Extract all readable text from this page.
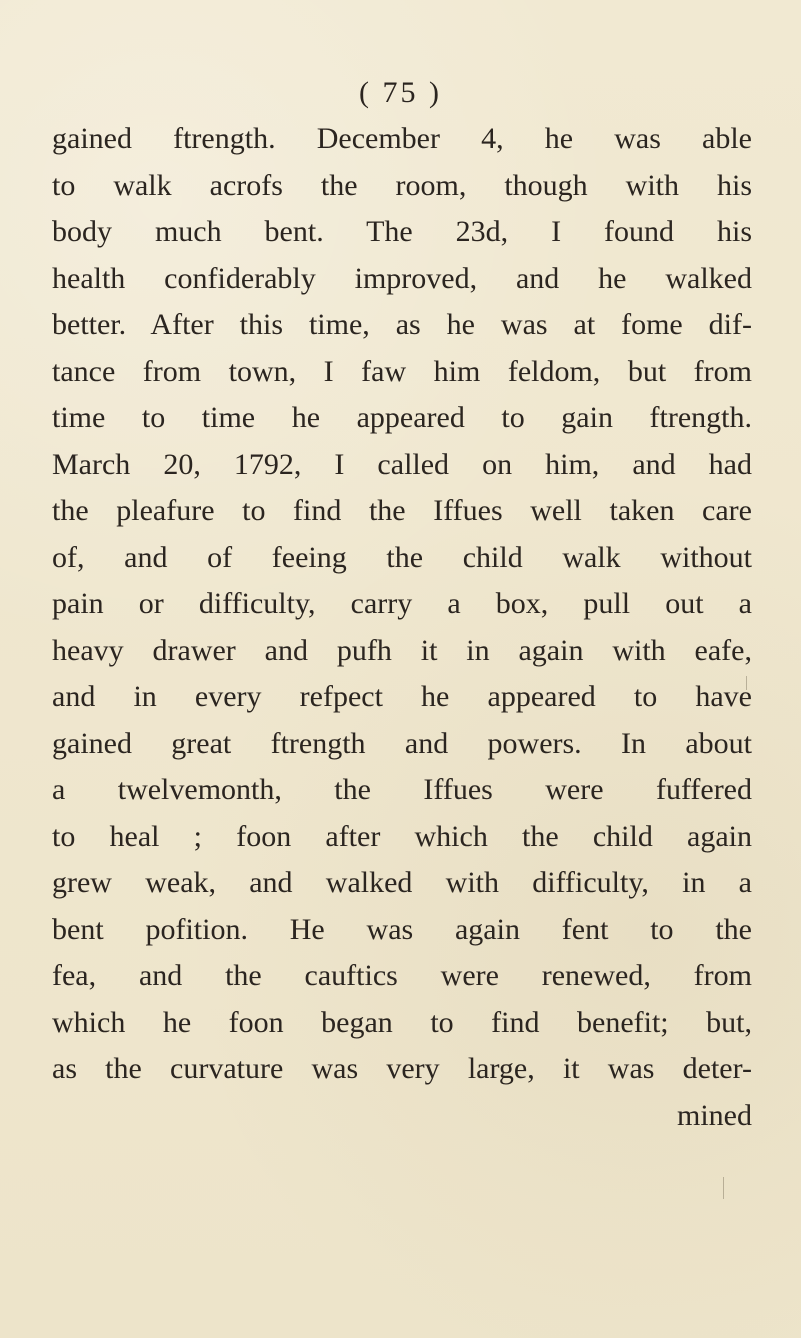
( 75 )
gained ftrength. December 4, he was able
to walk acrofs the room, though with his
body much bent. The 23d, I found his
health confiderably improved, and he walked
better. After this time, as he was at fome dif-
tance from town, I faw him feldom, but from
time to time he appeared to gain ftrength.
March 20, 1792, I called on him, and had
the pleafure to find the Iffues well taken care
of, and of feeing the child walk without
pain or difficulty, carry a box, pull out a
heavy drawer and pufh it in again with eafe,
and in every refpect he appeared to have
gained great ftrength and powers. In about
a twelvemonth, the Iffues were fuffered
to heal ; foon after which the child again
grew weak, and walked with difficulty, in a
bent pofition. He was again fent to the
fea, and the cauftics were renewed, from
which he foon began to find benefit; but,
as the curvature was very large, it was deter-
mined
